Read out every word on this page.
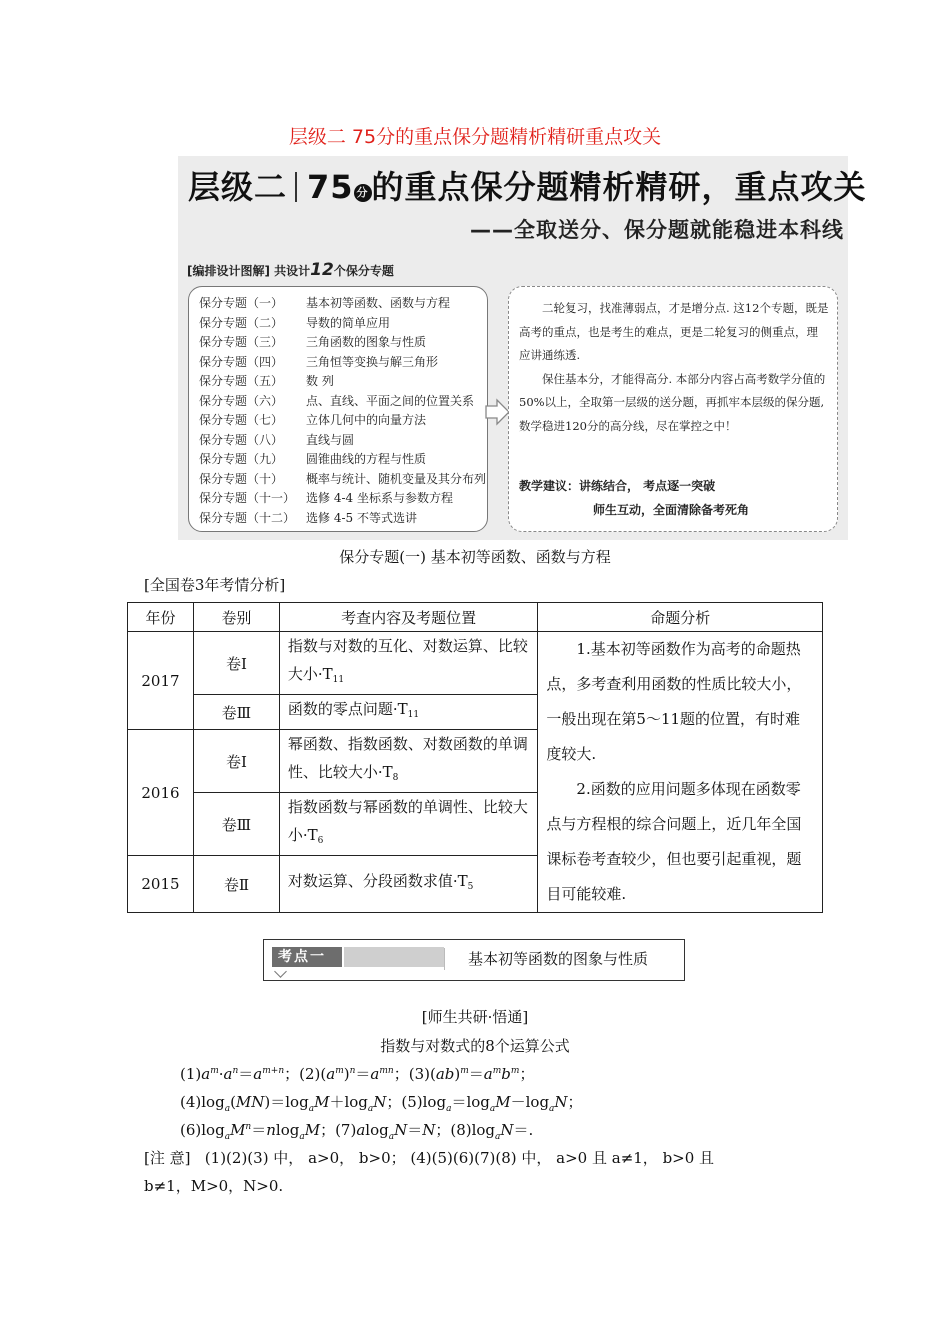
层级二 75分的重点保分题精析精研重点攻关
层级二 75 分的重点保分题精析精研，重点攻关
——全取送分、保分题就能稳进本科线
[编排设计图解] 共设计12个保分专题
保分专题（一） 基本初等函数、函数与方程
保分专题（二） 导数的简单应用
保分专题（三） 三角函数的图象与性质
保分专题（四） 三角恒等变换与解三角形
保分专题（五） 数 列
保分专题（六） 点、直线、平面之间的位置关系
保分专题（七） 立体几何中的向量方法
保分专题（八） 直线与圆
保分专题（九） 圆锥曲线的方程与性质
保分专题（十） 概率与统计、随机变量及其分布列
保分专题（十一） 选修 4-4 坐标系与参数方程
保分专题（十二） 选修 4-5 不等式选讲

二轮复习，找准薄弱点，才是增分点. 这12个专题，既是高考的重点，也是考生的难点，更是二轮复习的侧重点，理应讲通练透.

保住基本分，才能得高分. 本部分内容占高考数学分值的50%以上，全取第一层级的送分题，再抓牢本层级的保分题,数学稳进120分的高分线，尽在掌控之中！

教学建议：讲练结合， 考点逐一突破
师生互动，全面清除备考死角
保分专题(一) 基本初等函数、函数与方程
[全国卷3年考情分析]
年份	卷别	考查内容及考题位置	命题分析
2017	卷Ⅰ	指数与对数的互化、对数运算、比较大小$\cdot T_{11}$	1.基本初等函数作为高考的命题热点，多考查利用函数的性质比较大小，一般出现在第5～11题的位置，有时难度较大.

2.函数的应用问题多体现在函数零点与方程根的综合问题上，近几年全国课标卷考查较少，但也要引起重视，题目可能较难.

	卷Ⅲ	函数的零点问题$\cdot T_{11}$
2016	卷Ⅰ	幂函数、指数函数、对数函数的单调性、比较大小$\cdot T_8$
	卷Ⅲ	指数函数与幂函数的单调性、比较大小$\cdot T_6$
2015	卷Ⅱ	对数运算、分段函数求值$\cdot T_5$
考点一	基本初等函数的图象与性质
[师生共研·悟通]
指数与对数式的8个运算公式
$(1)a^m\cdot a^n=a^{m+n}$；$(2)(a^m)^n=a^{mn}$；$(3)(ab)^m=a^mb^m$；
$(4)\log_a(MN)=\log_aM+\log_aN$；$(5)\log_a=\log_aM-\log_aN$；
$(6)\log_aM^n=nlog_aM$；(7)alog$_a$N＝N；$(8)\log_aN=$.
[注 意] (1)(2)(3) 中， a>0， b>0； (4)(5)(6)(7)(8) 中， a>0 且 a≠1， b>0 且
b≠1，M>0，N>0.
